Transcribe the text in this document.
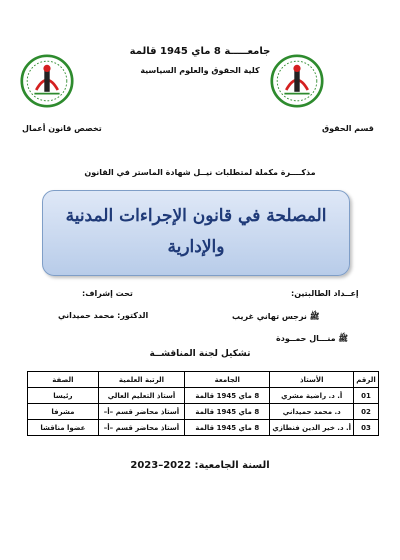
جامعـــــة 8 ماي 1945 قالمة
كلية الحقوق والعلوم السياسية
تخصص قانون أعمال	قسم الحقوق
مذكــــرة مكملة لمتطلبات نيــل شهادة الماستر في القانون
المصلحة في قانون الإجراءات المدنية
والإدارية
إعــداد الطالبتين:
تحت إشراف:
ﷺ نرجس تهاني غريب
ﷺ منـــال حمــودة
الدكتور: محمد حميداني
تشكيل لجنة المناقشــة
الرقم	الأستاذ	الجامعة	الرتبة العلمية	الصفة
01	أ. د. راضية مشري	8 ماي 1945 قالمة	أستاذ التعليم العالي	رئيسا
02	د. محمد حميداني	8 ماي 1945 قالمة	أستاذ محاضر قسم –أ–	مشرفا
03	أ. د. خير الدين فنطازي	8 ماي 1945 قالمة	أستاذ محاضر قسم –أ–	عضوا مناقشا
السنة الجامعية: 2022–2023
